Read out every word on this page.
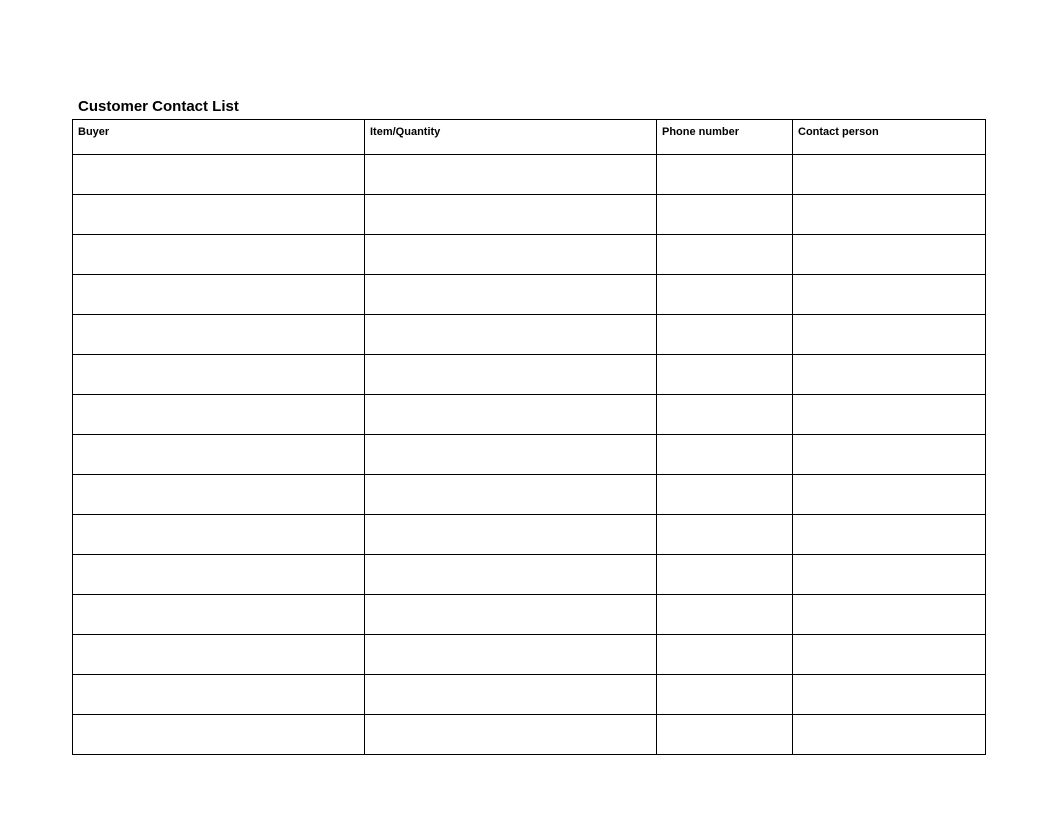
Customer Contact List
Buyer	Item/Quantity	Phone number	Contact person
